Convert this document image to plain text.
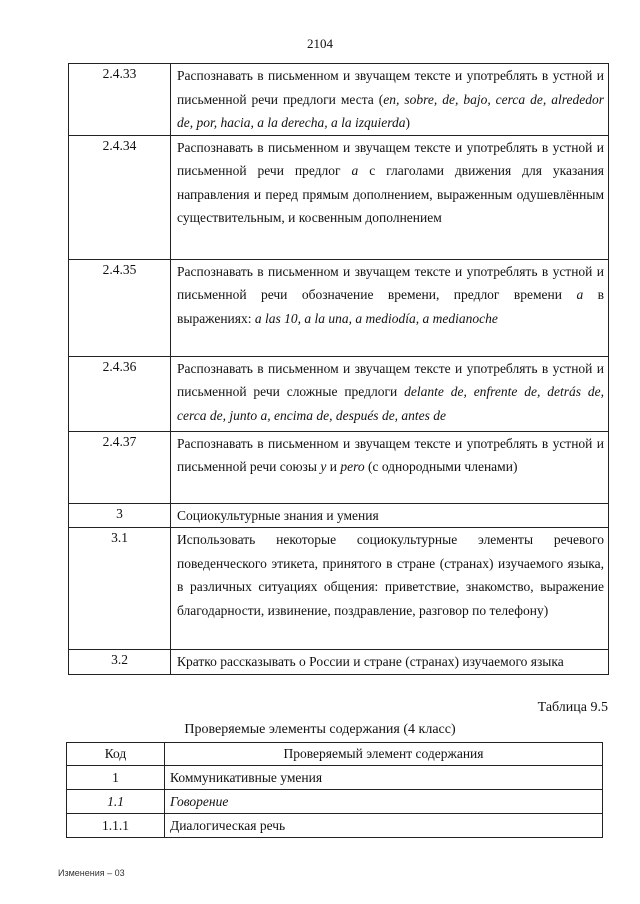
2104
2.4.33	Распознавать в письменном и звучащем тексте и употреблять в устной и письменной речи предлоги места (en, sobre, de, bajo, cerca de, alrededor de, por, hacia, a la derecha, a la izquierda)
2.4.34	Распознавать в письменном и звучащем тексте и употреблять в устной и письменной речи предлог a с глаголами движения для указания направления и перед прямым дополнением, выраженным одушевлённым существительным, и косвенным дополнением
2.4.35	Распознавать в письменном и звучащем тексте и употреблять в устной и письменной речи обозначение времени, предлог времени a в выражениях: a las 10, a la una, a mediodía, a medianoche
2.4.36	Распознавать в письменном и звучащем тексте и употреблять в устной и письменной речи сложные предлоги delante de, enfrente de, detrás de, cerca de, junto a, encima de, después de, antes de
2.4.37	Распознавать в письменном и звучащем тексте и употреблять в устной и письменной речи союзы y и pero (с однородными членами)
3	Социокультурные знания и умения
3.1	Использовать некоторые социокультурные элементы речевого поведенческого этикета, принятого в стране (странах) изучаемого языка, в различных ситуациях общения: приветствие, знакомство, выражение благодарности, извинение, поздравление, разговор по телефону)
3.2	Кратко рассказывать о России и стране (странах) изучаемого языка
Таблица 9.5
Проверяемые элементы содержания (4 класс)
Код	Проверяемый элемент содержания
1	Коммуникативные умения
1.1	Говорение
1.1.1	Диалогическая речь
Изменения – 03
